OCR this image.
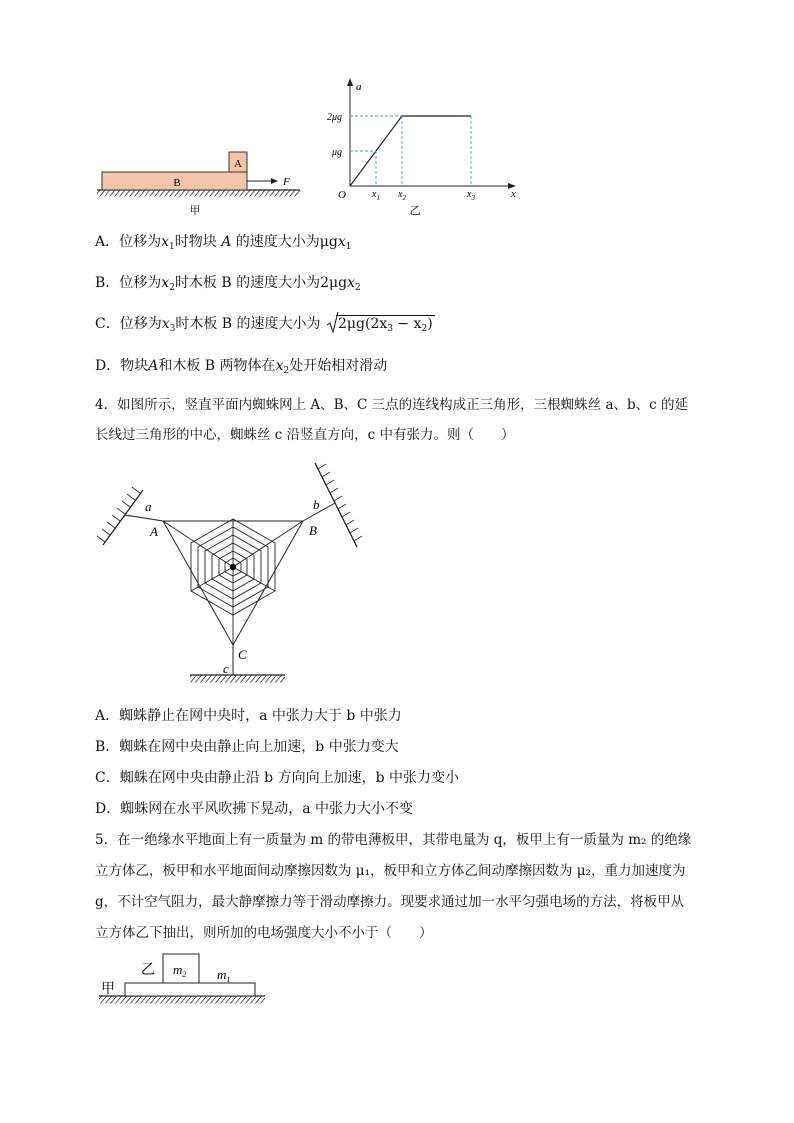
A
B	F
甲
a
x
O
2μg
μg
$x_1$ $x_2$	$x_3$
乙
A．位移为$x_1$时物块 A 的速度大小为μgx$_1$
B．位移为$x_2$时木板 B 的速度大小为2μgx$_2$
C．位移为$x_3$时木板 B 的速度大小为 $2\mu g(2x_3 - x_2)$
D．物块A和木板 B 两物体在$x_2$处开始相对滑动
4．如图所示，竖直平面内蜘蛛网上 A、B、C 三点的连线构成正三角形，三根蜘蛛丝 a、b、c 的延
长线过三角形的中心，蜘蛛丝 c 沿竖直方向，c 中有张力。则（　　）
a	b
c
A	B
C
A．蜘蛛静止在网中央时，a 中张力大于 b 中张力
B．蜘蛛在网中央由静止向上加速，b 中张力变大
C．蜘蛛在网中央由静止沿 b 方向向上加速，b 中张力变小
D．蜘蛛网在水平风吹拂下晃动，a 中张力大小不变
5．在一绝缘水平地面上有一质量为 m 的带电薄板甲，其带电量为 q，板甲上有一质量为 m₂ 的绝缘
立方体乙，板甲和水平地面间动摩擦因数为 μ₁，板甲和立方体乙间动摩擦因数为 μ₂，重力加速度为
g，不计空气阻力，最大静摩擦力等于滑动摩擦力。现要求通过加一水平匀强电场的方法，将板甲从
立方体乙下抽出，则所加的电场强度大小不小于（　　）
乙
甲
$m_2$ $m_1$
